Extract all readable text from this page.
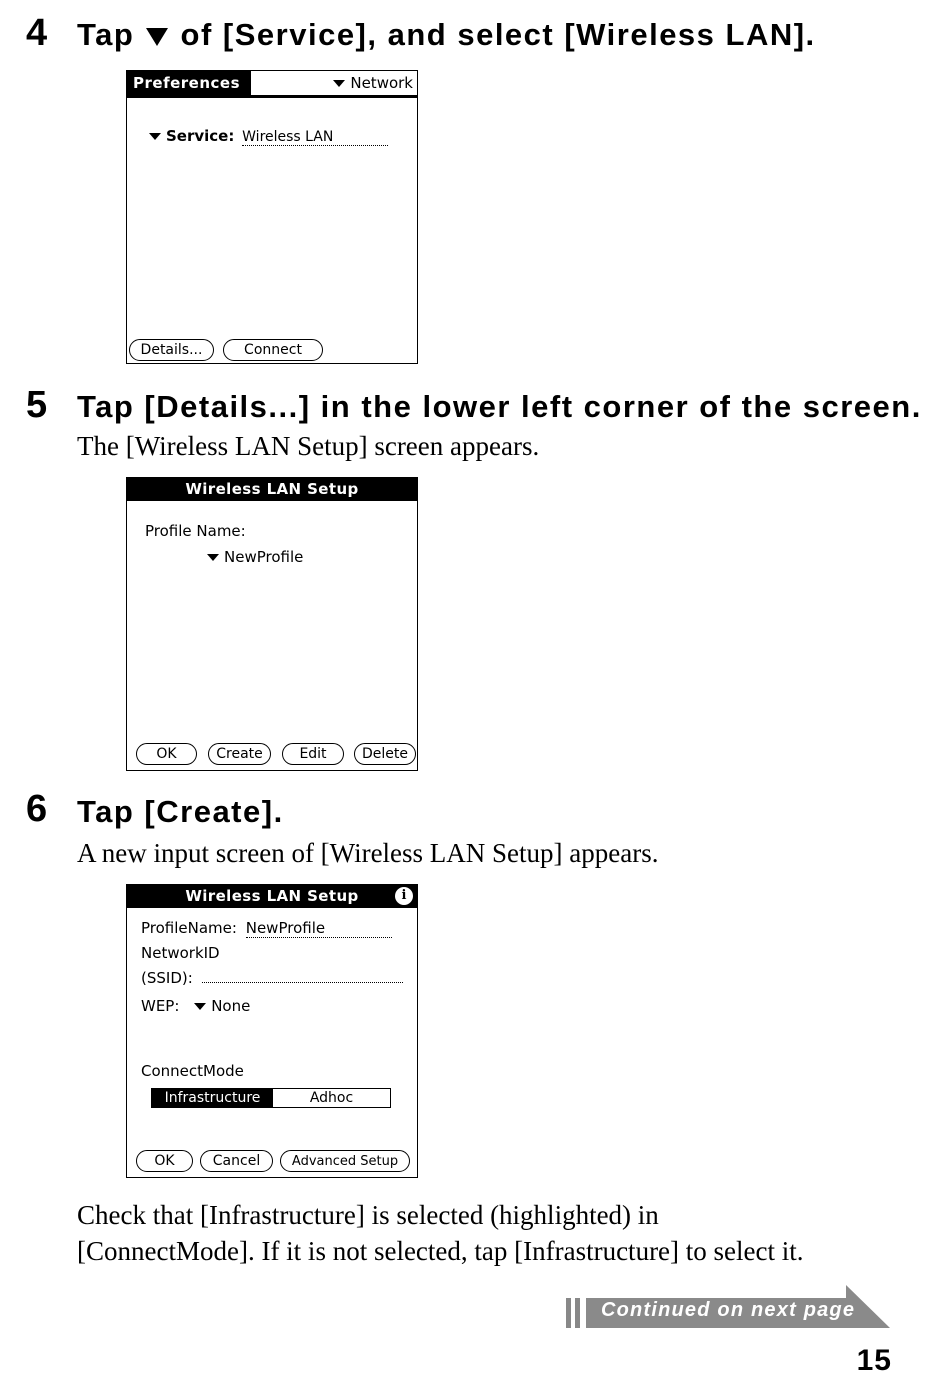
4 Tap  of [Service], and select [Wireless LAN].
Preferences	Network
Service: Wireless LAN
Details...	Connect
5 Tap [Details...] in the lower left corner of the screen.
The [Wireless LAN Setup] screen appears.
Wireless LAN Setup
Profile Name:
NewProfile
OK	Create	Edit	Delete
6 Tap [Create].
A new input screen of [Wireless LAN Setup] appears.
Wireless LAN Setup	i
ProfileName: NewProfile
NetworkID
(SSID):
WEP: None
ConnectMode
Infrastructure	Adhoc
OK	Cancel	Advanced Setup
Check that [Infrastructure] is selected (highlighted) in
[ConnectMode]. If it is not selected, tap [Infrastructure] to select it.
Continued on next page
15
